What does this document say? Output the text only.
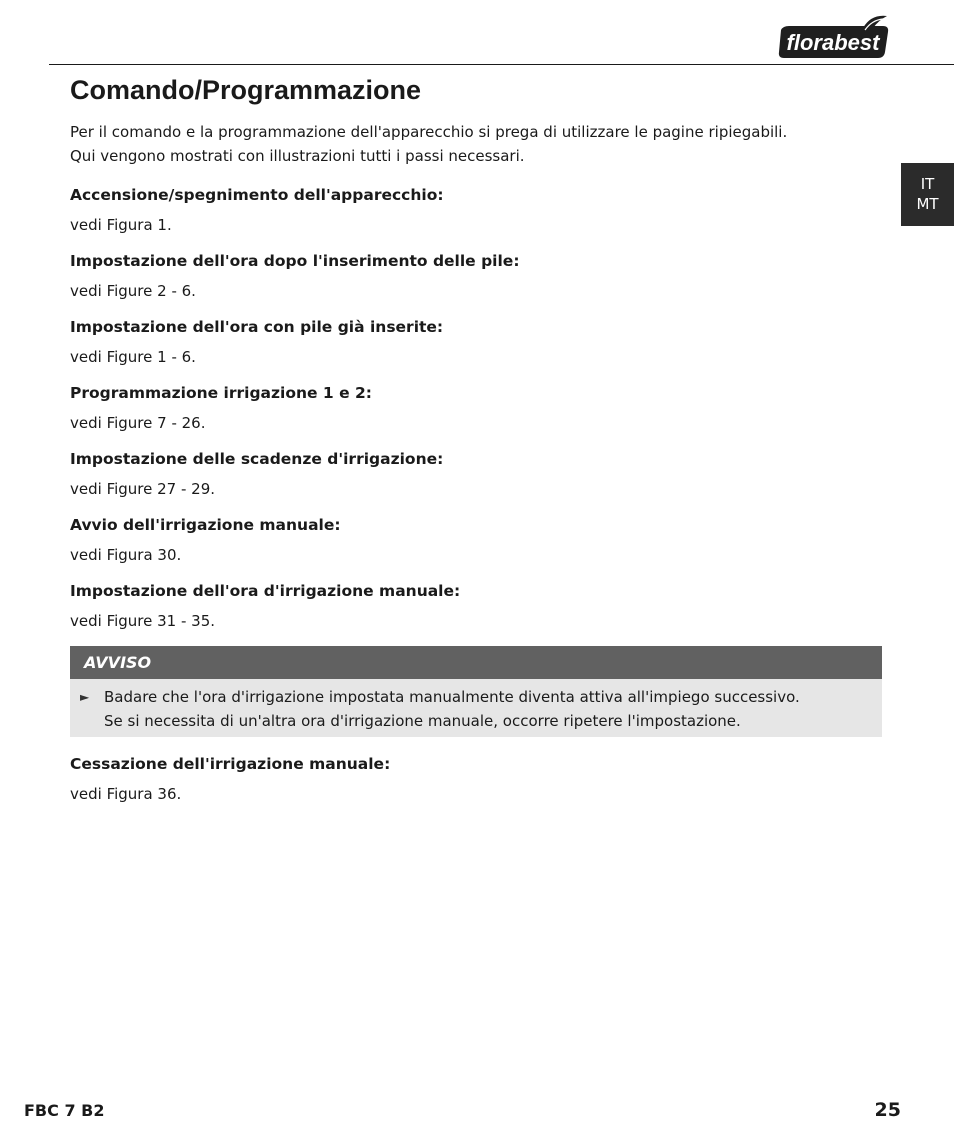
florabest
IT
MT
Comando/Programmazione

Per il comando e la programmazione dell'apparecchio si prega di utilizzare le pagine ripiegabili.
Qui vengono mostrati con illustrazioni tutti i passi necessari.

Accensione/spegnimento dell'apparecchio:

vedi Figura 1.

Impostazione dell'ora dopo l'inserimento delle pile:

vedi Figure 2 - 6.

Impostazione dell'ora con pile già inserite:

vedi Figure 1 - 6.

Programmazione irrigazione 1 e 2:

vedi Figure 7 - 26.

Impostazione delle scadenze d'irrigazione:

vedi Figure 27 - 29.

Avvio dell'irrigazione manuale:

vedi Figura 30.

Impostazione dell'ora d'irrigazione manuale:

vedi Figure 31 - 35.

AVVISO
► Badare che l'ora d'irrigazione impostata manualmente diventa attiva all'impiego successivo.
Se si necessita di un'altra ora d'irrigazione manuale, occorre ripetere l'impostazione.

Cessazione dell'irrigazione manuale:

vedi Figura 36.

FBC 7 B2	25
